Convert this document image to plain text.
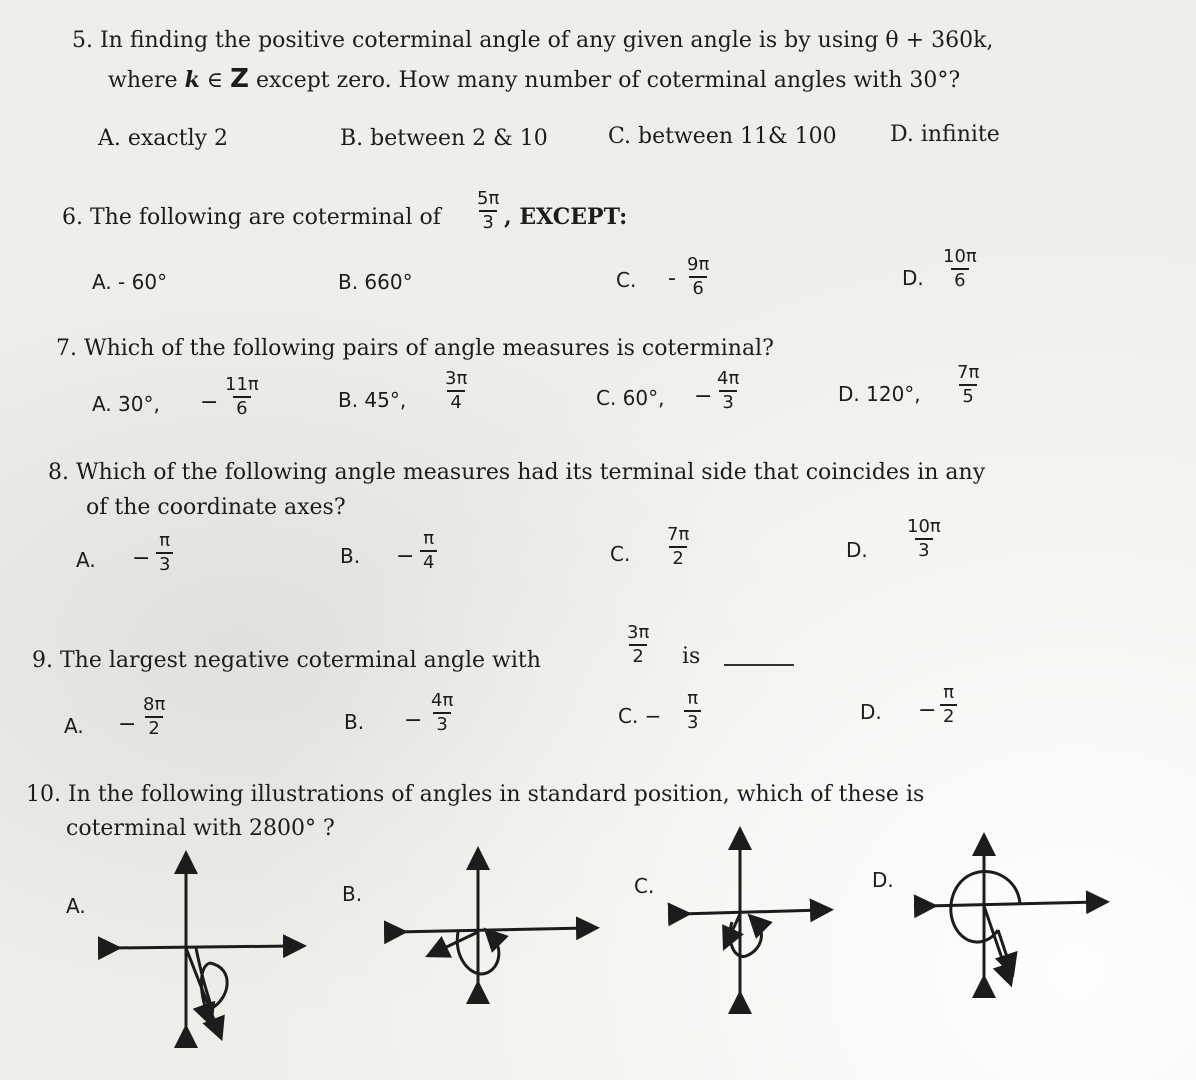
5. In finding the positive coterminal angle of any given angle is by using θ + 360k,
where k ∈ Z except zero. How many number of coterminal angles with 30°?
A. exactly 2	B. between 2 & 10	C. between 11& 100 D. infinite
6. The following are coterminal of $\frac{5\pi}{3}$ , EXCEPT:
A. - 60°	B. 660°	C. - $\frac{9\pi}{6}$	D. $\frac{10\pi}{6}$
7. Which of the following pairs of angle measures is coterminal?
A. 30°, − $\frac{11\pi}{6}$	B. 45°, $\frac{3\pi}{4}$	C. 60°, − $\frac{4\pi}{3}$	D. 120°, $\frac{7\pi}{5}$
8. Which of the following angle measures had its terminal side that coincides in any
of the coordinate axes?
A. − $\frac{\pi}{3}$	B. − $\frac{\pi}{4}$	C. $\frac{7\pi}{2}$	D. $\frac{10\pi}{3}$
9. The largest negative coterminal angle with	$\frac{3\pi}{2}$ is
A. − $\frac{8\pi}{2}$	B. − $\frac{4\pi}{3}$	C. − $\frac{\pi}{3}$	D. − $\frac{\pi}{2}$
10. In the following illustrations of angles in standard position, which of these is
coterminal with 2800° ?
A.	B.	C.	D.
